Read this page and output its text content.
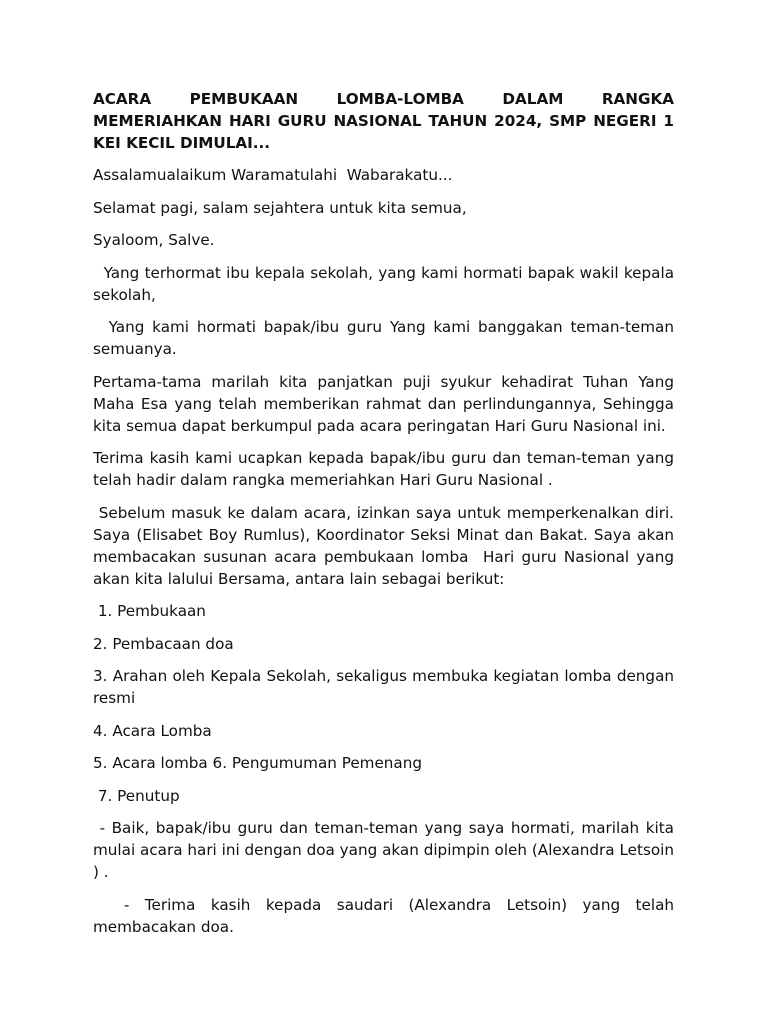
ACARA PEMBUKAAN LOMBA-LOMBA DALAM RANGKA MEMERIAHKAN HARI GURU NASIONAL TAHUN 2024, SMP NEGERI 1 KEI KECIL DIMULAI...
Assalamualaikum Waramatulahi  Wabarakatu...
Selamat pagi, salam sejahtera untuk kita semua,
Syaloom, Salve.
Yang terhormat ibu kepala sekolah, yang kami hormati bapak wakil kepala sekolah,
Yang kami hormati bapak/ibu guru Yang kami banggakan teman-teman semuanya.
Pertama-tama marilah kita panjatkan puji syukur kehadirat Tuhan Yang Maha Esa yang telah memberikan rahmat dan perlindungannya, Sehingga kita semua dapat berkumpul pada acara peringatan Hari Guru Nasional ini.
Terima kasih kami ucapkan kepada bapak/ibu guru dan teman-teman yang telah hadir dalam rangka memeriahkan Hari Guru Nasional .
Sebelum masuk ke dalam acara, izinkan saya untuk memperkenalkan diri. Saya (Elisabet Boy Rumlus), Koordinator Seksi Minat dan Bakat. Saya akan membacakan susunan acara pembukaan lomba  Hari guru Nasional yang akan kita lalului Bersama, antara lain sebagai berikut:
1. Pembukaan
2. Pembacaan doa
3. Arahan oleh Kepala Sekolah, sekaligus membuka kegiatan lomba dengan resmi
4. Acara Lomba
5. Acara lomba 6. Pengumuman Pemenang
7. Penutup
- Baik, bapak/ibu guru dan teman-teman yang saya hormati, marilah kita mulai acara hari ini dengan doa yang akan dipimpin oleh (Alexandra Letsoin ) .
- Terima kasih kepada saudari (Alexandra Letsoin) yang telah membacakan doa.
